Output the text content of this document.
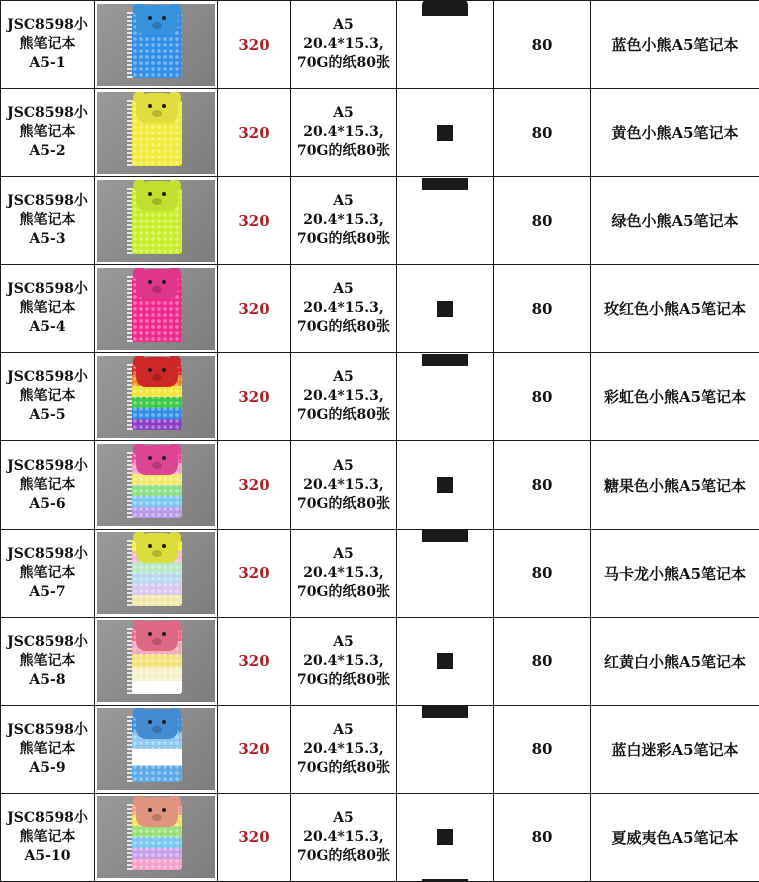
JSC8598小
熊笔记本
A5-1		320	A5
20.4*15.3,
70G的纸80张		80	蓝色小熊A5笔记本

JSC8598小
熊笔记本
A5-2		320	A5
20.4*15.3,
70G的纸80张		80	黄色小熊A5笔记本

JSC8598小
熊笔记本
A5-3		320	A5
20.4*15.3,
70G的纸80张		80	绿色小熊A5笔记本

JSC8598小
熊笔记本
A5-4		320	A5
20.4*15.3,
70G的纸80张		80	玫红色小熊A5笔记本

JSC8598小
熊笔记本
A5-5		320	A5
20.4*15.3,
70G的纸80张		80	彩虹色小熊A5笔记本

JSC8598小
熊笔记本
A5-6		320	A5
20.4*15.3,
70G的纸80张		80	糖果色小熊A5笔记本

JSC8598小
熊笔记本
A5-7		320	A5
20.4*15.3,
70G的纸80张		80	马卡龙小熊A5笔记本

JSC8598小
熊笔记本
A5-8		320	A5
20.4*15.3,
70G的纸80张		80	红黄白小熊A5笔记本

JSC8598小
熊笔记本
A5-9		320	A5
20.4*15.3,
70G的纸80张		80	蓝白迷彩A5笔记本

JSC8598小
熊笔记本
A5-10		320	A5
20.4*15.3,
70G的纸80张		80	夏威夷色A5笔记本
